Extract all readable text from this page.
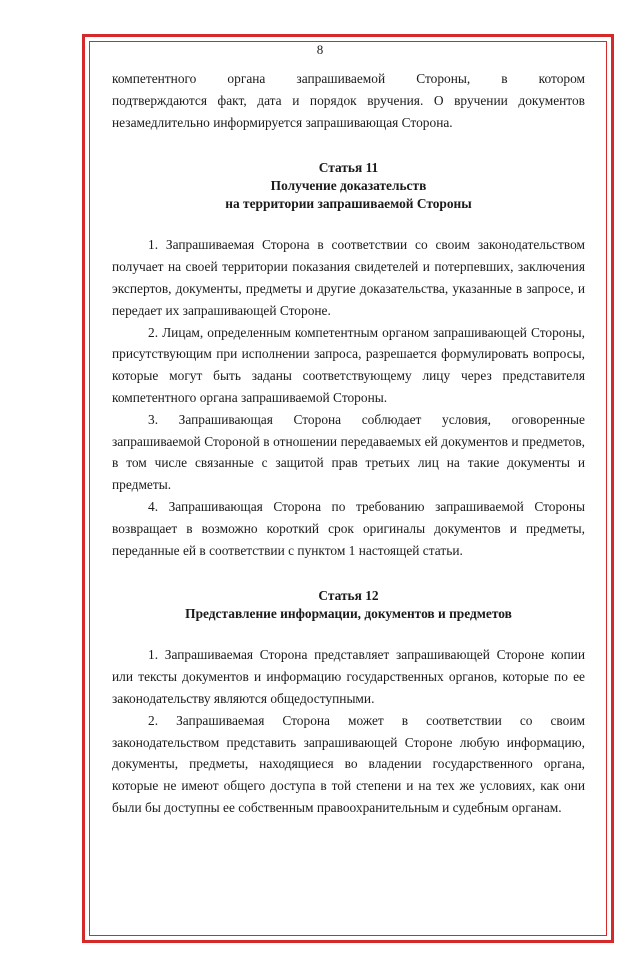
8

компетентного органа запрашиваемой Стороны, в котором

подтверждаются факт, дата и порядок вручения. О вручении документов незамедлительно информируется запрашивающая Сторона.

Статья 11
Получение доказательств
на территории запрашиваемой Стороны

1. Запрашиваемая Сторона в соответствии со своим законодательством получает на своей территории показания свидетелей и потерпевших, заключения экспертов, документы, предметы и другие доказательства, указанные в запросе, и передает их запрашивающей Стороне.

2. Лицам, определенным компетентным органом запрашивающей Стороны, присутствующим при исполнении запроса, разрешается формулировать вопросы, которые могут быть заданы соответствующему лицу через представителя компетентного органа запрашиваемой Стороны.

3. Запрашивающая Сторона соблюдает условия, оговоренные запрашиваемой Стороной в отношении передаваемых ей документов и предметов, в том числе связанные с защитой прав третьих лиц на такие документы и предметы.

4. Запрашивающая Сторона по требованию запрашиваемой Стороны возвращает в возможно короткий срок оригиналы документов и предметы, переданные ей в соответствии с пунктом 1 настоящей статьи.

Статья 12
Представление информации, документов и предметов

1. Запрашиваемая Сторона представляет запрашивающей Стороне копии или тексты документов и информацию государственных органов, которые по ее законодательству являются общедоступными.

2. Запрашиваемая Сторона может в соответствии со своим законодательством представить запрашивающей Стороне любую информацию, документы, предметы, находящиеся во владении государственного органа, которые не имеют общего доступа в той степени и на тех же условиях, как они были бы доступны ее собственным правоохранительным и судебным органам.
